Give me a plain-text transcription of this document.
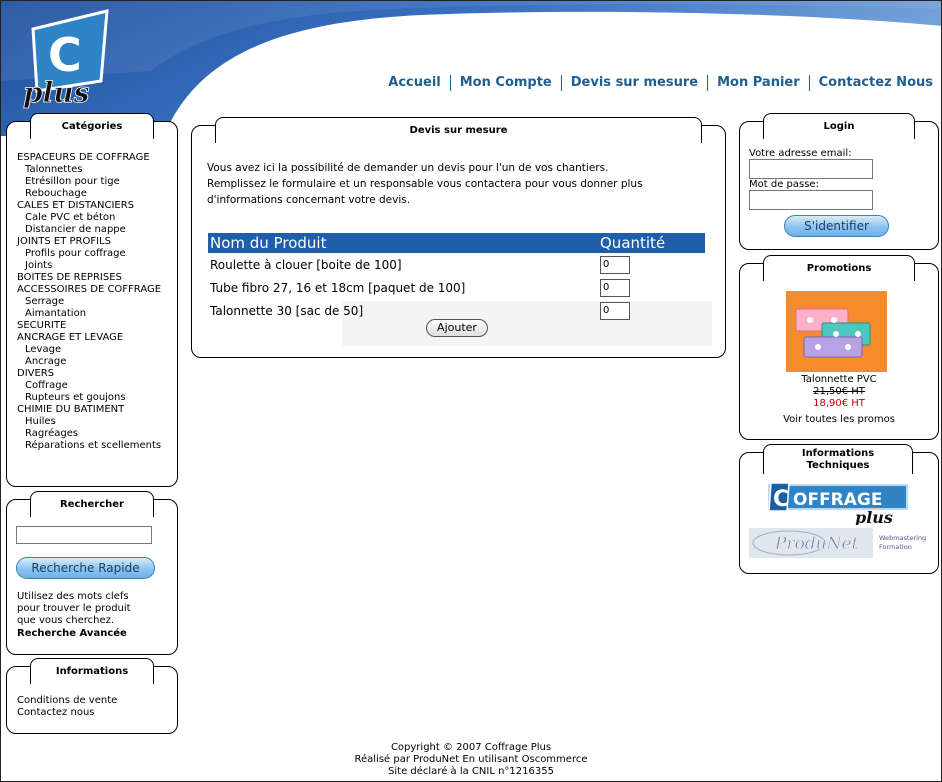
C
plus	Accueil	Mon Compte	Devis sur mesure	Mon Panier	Contactez Nous
Catégories
ESPACEURS DE COFFRAGE
Talonnettes
Etrésillon pour tige
Rebouchage
CALES ET DISTANCIERS
Cale PVC et béton
Distancier de nappe
JOINTS ET PROFILS
Profils pour coffrage
Joints
BOITES DE REPRISES
ACCESSOIRES DE COFFRAGE
Serrage
Aimantation
SECURITE
ANCRAGE ET LEVAGE
Levage
Ancrage
DIVERS
Coffrage
Rupteurs et goujons
CHIMIE DU BATIMENT
Huiles
Ragréages
Réparations et scellements
Rechercher
Recherche Rapide
Utilisez des mots clefs pour trouver le produit que vous cherchez.
Recherche Avancée
Informations
Conditions de vente
Contactez nous
Devis sur mesure
Vous avez ici la possibilité de demander un devis pour l'un de vos chantiers.
Remplissez le formulaire et un responsable vous contactera pour vous donner plus d'informations concernant votre devis.
Nom du Produit	Quantité
Roulette à clouer [boite de 100]	0
Tube fibro 27, 16 et 18cm [paquet de 100]	0
Talonnette 30 [sac de 50]	0
Ajouter
Login
Votre adresse email:
Mot de passe:
S'identifier
Promotions
Talonnette PVC
21,50€ HT
18,90€ HT
Voir toutes les promos
Informations
Techniques
C OFFRAGE
plus
ProduNet	Webmastering
Formation
Copyright © 2007 Coffrage Plus
Réalisé par ProduNet En utilisant Oscommerce
Site déclaré à la CNIL n°1216355
